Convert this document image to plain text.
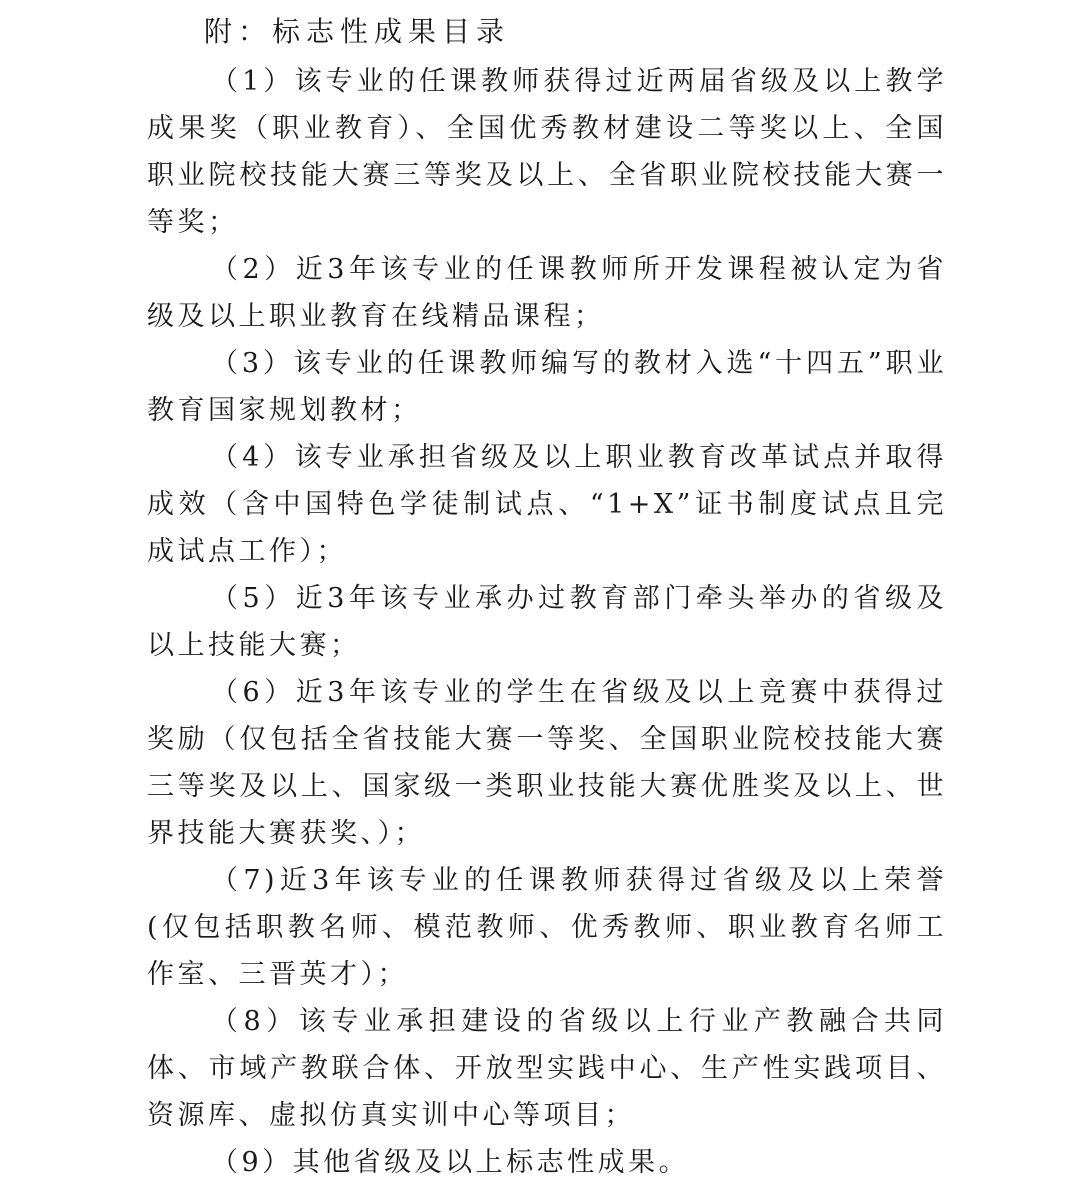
附：标志性成果目录

（1）该专业的任课教师获得过近两届省级及以上教学成果奖（职业教育）、全国优秀教材建设二等奖以上、全国职业院校技能大赛三等奖及以上、全省职业院校技能大赛一等奖；

（2）近3年该专业的任课教师所开发课程被认定为省级及以上职业教育在线精品课程；

（3）该专业的任课教师编写的教材入选“十四五”职业教育国家规划教材；

（4）该专业承担省级及以上职业教育改革试点并取得成效（含中国特色学徒制试点、“1+X”证书制度试点且完成试点工作）；

（5）近3年该专业承办过教育部门牵头举办的省级及以上技能大赛；

（6）近3年该专业的学生在省级及以上竞赛中获得过奖励（仅包括全省技能大赛一等奖、全国职业院校技能大赛三等奖及以上、国家级一类职业技能大赛优胜奖及以上、世界技能大赛获奖、）；

（7)近3年该专业的任课教师获得过省级及以上荣誉(仅包括职教名师、模范教师、优秀教师、职业教育名师工作室、三晋英才）；

（8）该专业承担建设的省级以上行业产教融合共同体、市域产教联合体、开放型实践中心、生产性实践项目、资源库、虚拟仿真实训中心等项目；

（9）其他省级及以上标志性成果。
